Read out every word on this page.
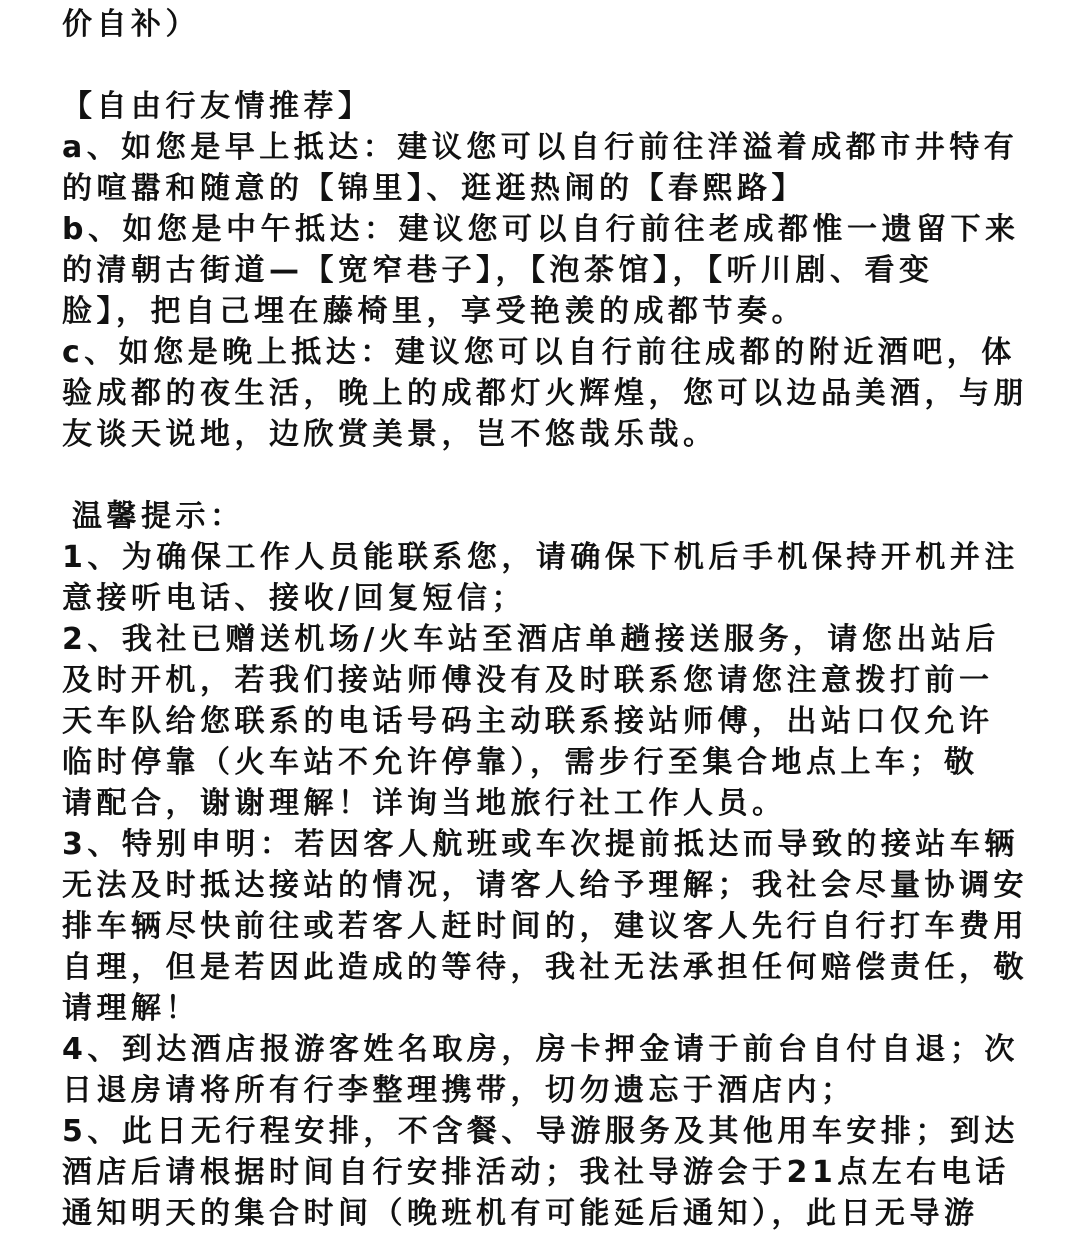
价自补）
【自由行友情推荐】
a、如您是早上抵达：建议您可以自行前往洋溢着成都市井特有
的喧嚣和随意的【锦里】、逛逛热闹的【春熙路】
b、如您是中午抵达：建议您可以自行前往老成都惟一遗留下来
的清朝古街道—【宽窄巷子】，【泡茶馆】，【听川剧、看变
脸】，把自己埋在藤椅里，享受艳羡的成都节奏。
c、如您是晚上抵达：建议您可以自行前往成都的附近酒吧，体
验成都的夜生活，晚上的成都灯火辉煌，您可以边品美酒，与朋
友谈天说地，边欣赏美景，岂不悠哉乐哉。
温馨提示：
1、为确保工作人员能联系您，请确保下机后手机保持开机并注
意接听电话、接收/回复短信；
2、我社已赠送机场/火车站至酒店单趟接送服务，请您出站后
及时开机，若我们接站师傅没有及时联系您请您注意拨打前一
天车队给您联系的电话号码主动联系接站师傅，出站口仅允许
临时停靠（火车站不允许停靠），需步行至集合地点上车；敬
请配合，谢谢理解！详询当地旅行社工作人员。
3、特别申明：若因客人航班或车次提前抵达而导致的接站车辆
无法及时抵达接站的情况，请客人给予理解；我社会尽量协调安
排车辆尽快前往或若客人赶时间的，建议客人先行自行打车费用
自理，但是若因此造成的等待，我社无法承担任何赔偿责任，敬
请理解！
4、到达酒店报游客姓名取房，房卡押金请于前台自付自退；次
日退房请将所有行李整理携带，切勿遗忘于酒店内；
5、此日无行程安排，不含餐、导游服务及其他用车安排；到达
酒店后请根据时间自行安排活动；我社导游会于21点左右电话
通知明天的集合时间（晚班机有可能延后通知），此日无导游
